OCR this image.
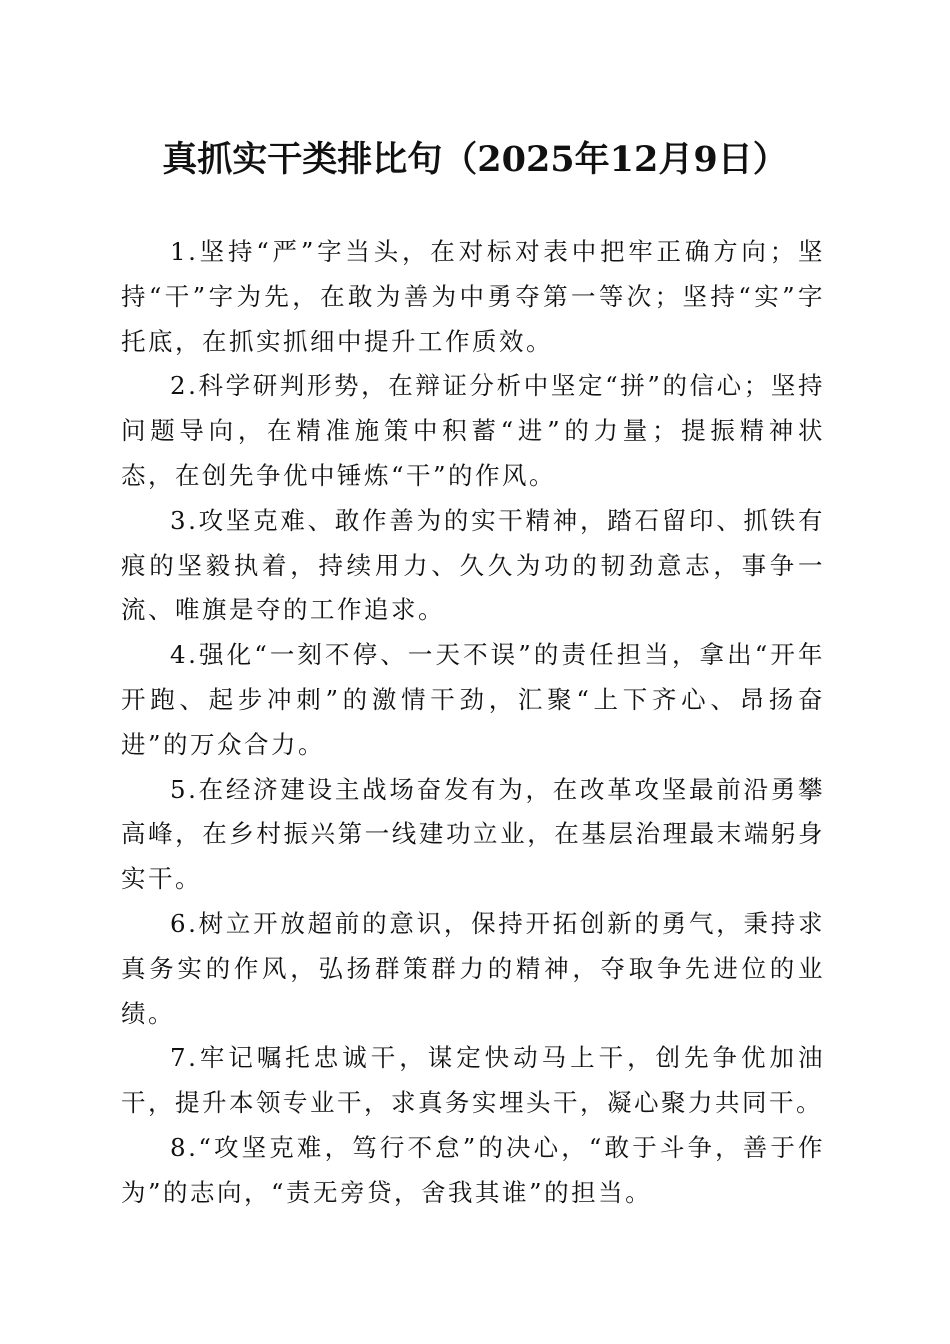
真抓实干类排比句（2025年12月9日）

1.坚持“严”字当头，在对标对表中把牢正确方向；坚持“干”字为先，在敢为善为中勇夺第一等次；坚持“实”字托底，在抓实抓细中提升工作质效。

2.科学研判形势，在辩证分析中坚定“拼”的信心；坚持问题导向，在精准施策中积蓄“进”的力量；提振精神状态，在创先争优中锤炼“干”的作风。

3.攻坚克难、敢作善为的实干精神，踏石留印、抓铁有痕的坚毅执着，持续用力、久久为功的韧劲意志，事争一流、唯旗是夺的工作追求。

4.强化“一刻不停、一天不误”的责任担当，拿出“开年开跑、起步冲刺”的激情干劲，汇聚“上下齐心、昂扬奋进”的万众合力。

5.在经济建设主战场奋发有为，在改革攻坚最前沿勇攀高峰，在乡村振兴第一线建功立业，在基层治理最末端躬身实干。

6.树立开放超前的意识，保持开拓创新的勇气，秉持求真务实的作风，弘扬群策群力的精神，夺取争先进位的业绩。

7.牢记嘱托忠诚干，谋定快动马上干，创先争优加油干，提升本领专业干，求真务实埋头干，凝心聚力共同干。

8.“攻坚克难，笃行不怠”的决心，“敢于斗争，善于作为”的志向，“责无旁贷，舍我其谁”的担当。
